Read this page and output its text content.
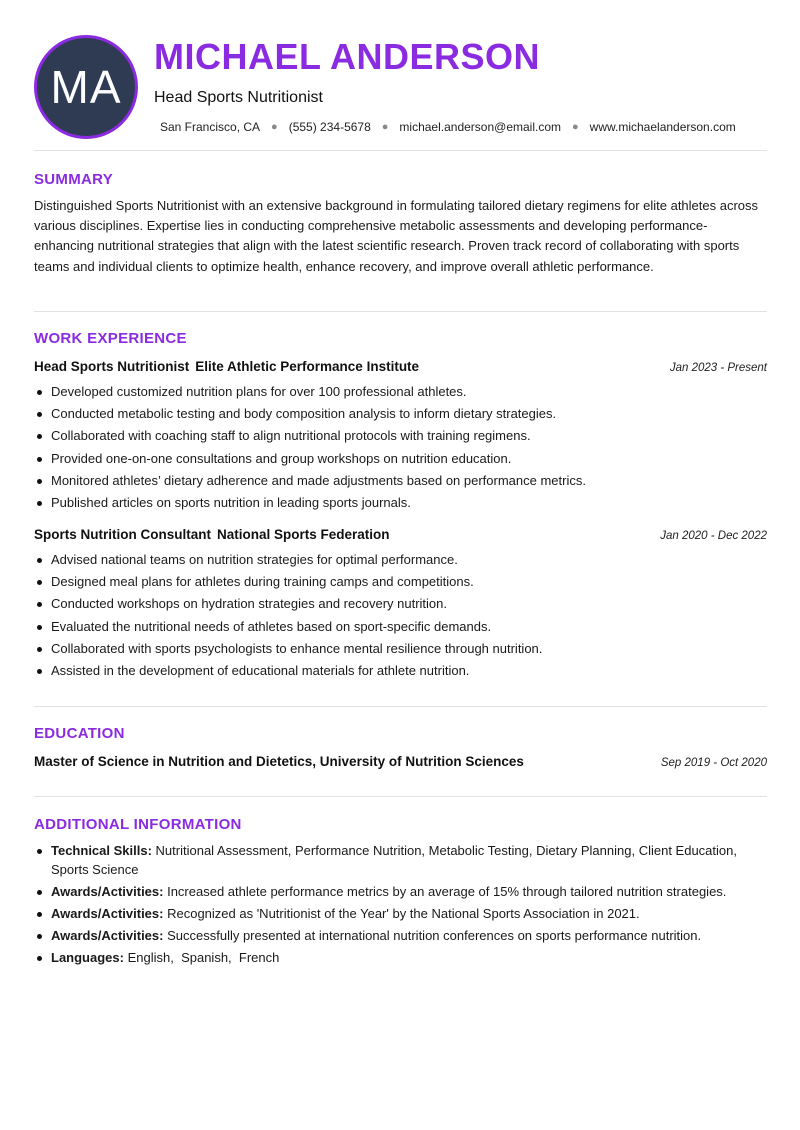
MA
MICHAEL ANDERSON
Head Sports Nutritionist
San Francisco, CA ● (555) 234-5678 ● michael.anderson@email.com ● www.michaelanderson.com
SUMMARY
Distinguished Sports Nutritionist with an extensive background in formulating tailored dietary regimens for elite athletes across various disciplines. Expertise lies in conducting comprehensive metabolic assessments and developing performance-enhancing nutritional strategies that align with the latest scientific research. Proven track record of collaborating with sports teams and individual clients to optimize health, enhance recovery, and improve overall athletic performance.
WORK EXPERIENCE
Head Sports Nutritionist Elite Athletic Performance Institute	Jan 2023 - Present
Developed customized nutrition plans for over 100 professional athletes.
Conducted metabolic testing and body composition analysis to inform dietary strategies.
Collaborated with coaching staff to align nutritional protocols with training regimens.
Provided one-on-one consultations and group workshops on nutrition education.
Monitored athletes’ dietary adherence and made adjustments based on performance metrics.
Published articles on sports nutrition in leading sports journals.
Sports Nutrition Consultant National Sports Federation	Jan 2020 - Dec 2022
Advised national teams on nutrition strategies for optimal performance.
Designed meal plans for athletes during training camps and competitions.
Conducted workshops on hydration strategies and recovery nutrition.
Evaluated the nutritional needs of athletes based on sport-specific demands.
Collaborated with sports psychologists to enhance mental resilience through nutrition.
Assisted in the development of educational materials for athlete nutrition.
EDUCATION
Master of Science in Nutrition and Dietetics, University of Nutrition Sciences	Sep 2019 - Oct 2020
ADDITIONAL INFORMATION
Technical Skills: Nutritional Assessment, Performance Nutrition, Metabolic Testing, Dietary Planning, Client Education, Sports Science
Awards/Activities: Increased athlete performance metrics by an average of 15% through tailored nutrition strategies.
Awards/Activities: Recognized as 'Nutritionist of the Year' by the National Sports Association in 2021.
Awards/Activities: Successfully presented at international nutrition conferences on sports performance nutrition.
Languages: English,  Spanish,  French
